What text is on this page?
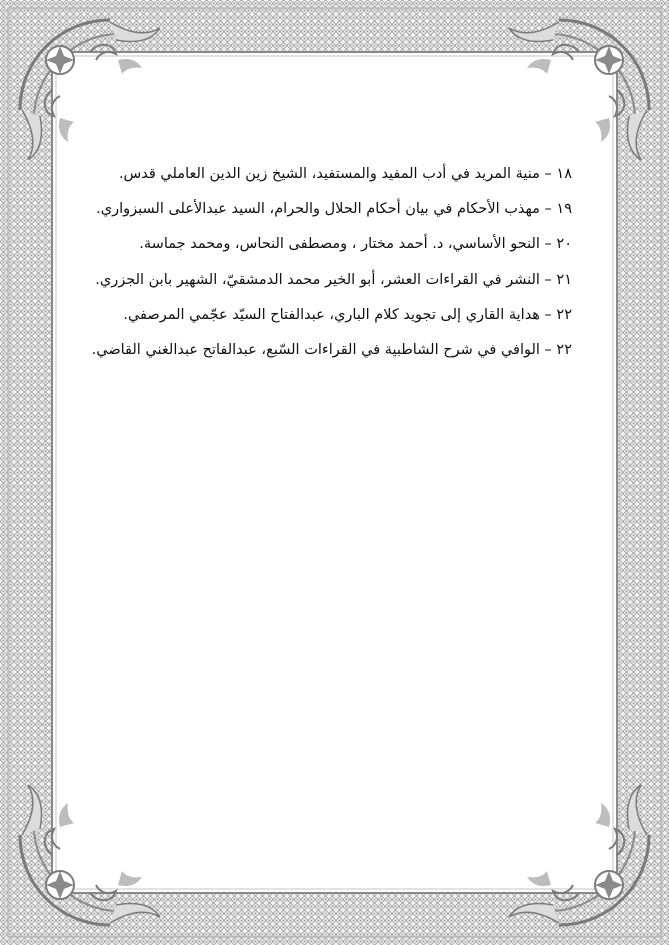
١٨ – منية المريد في أدب المفيد والمستفيد، الشيخ زين الدين العاملي قدس.
١٩ – مهذب الأحكام في بيان أحكام الحلال والحرام، السيد عبدالأعلى السبزواري.
٢٠ – النحو الأساسي، د. أحمد مختار ، ومصطفى النحاس، ومحمد جماسة.
٢١ – النشر في القراءات العشر، أبو الخير محمد الدمشقيّ، الشهير بابن الجزري.
٢٢ – هداية القاري إلى تجويد كلام الباري، عبدالفتاح السيّد عجّمي المرصفي.
٢٢ – الوافي في شرح الشاطبية في القراءات السّبع، عبدالفاتح عبدالغني القاضي.
